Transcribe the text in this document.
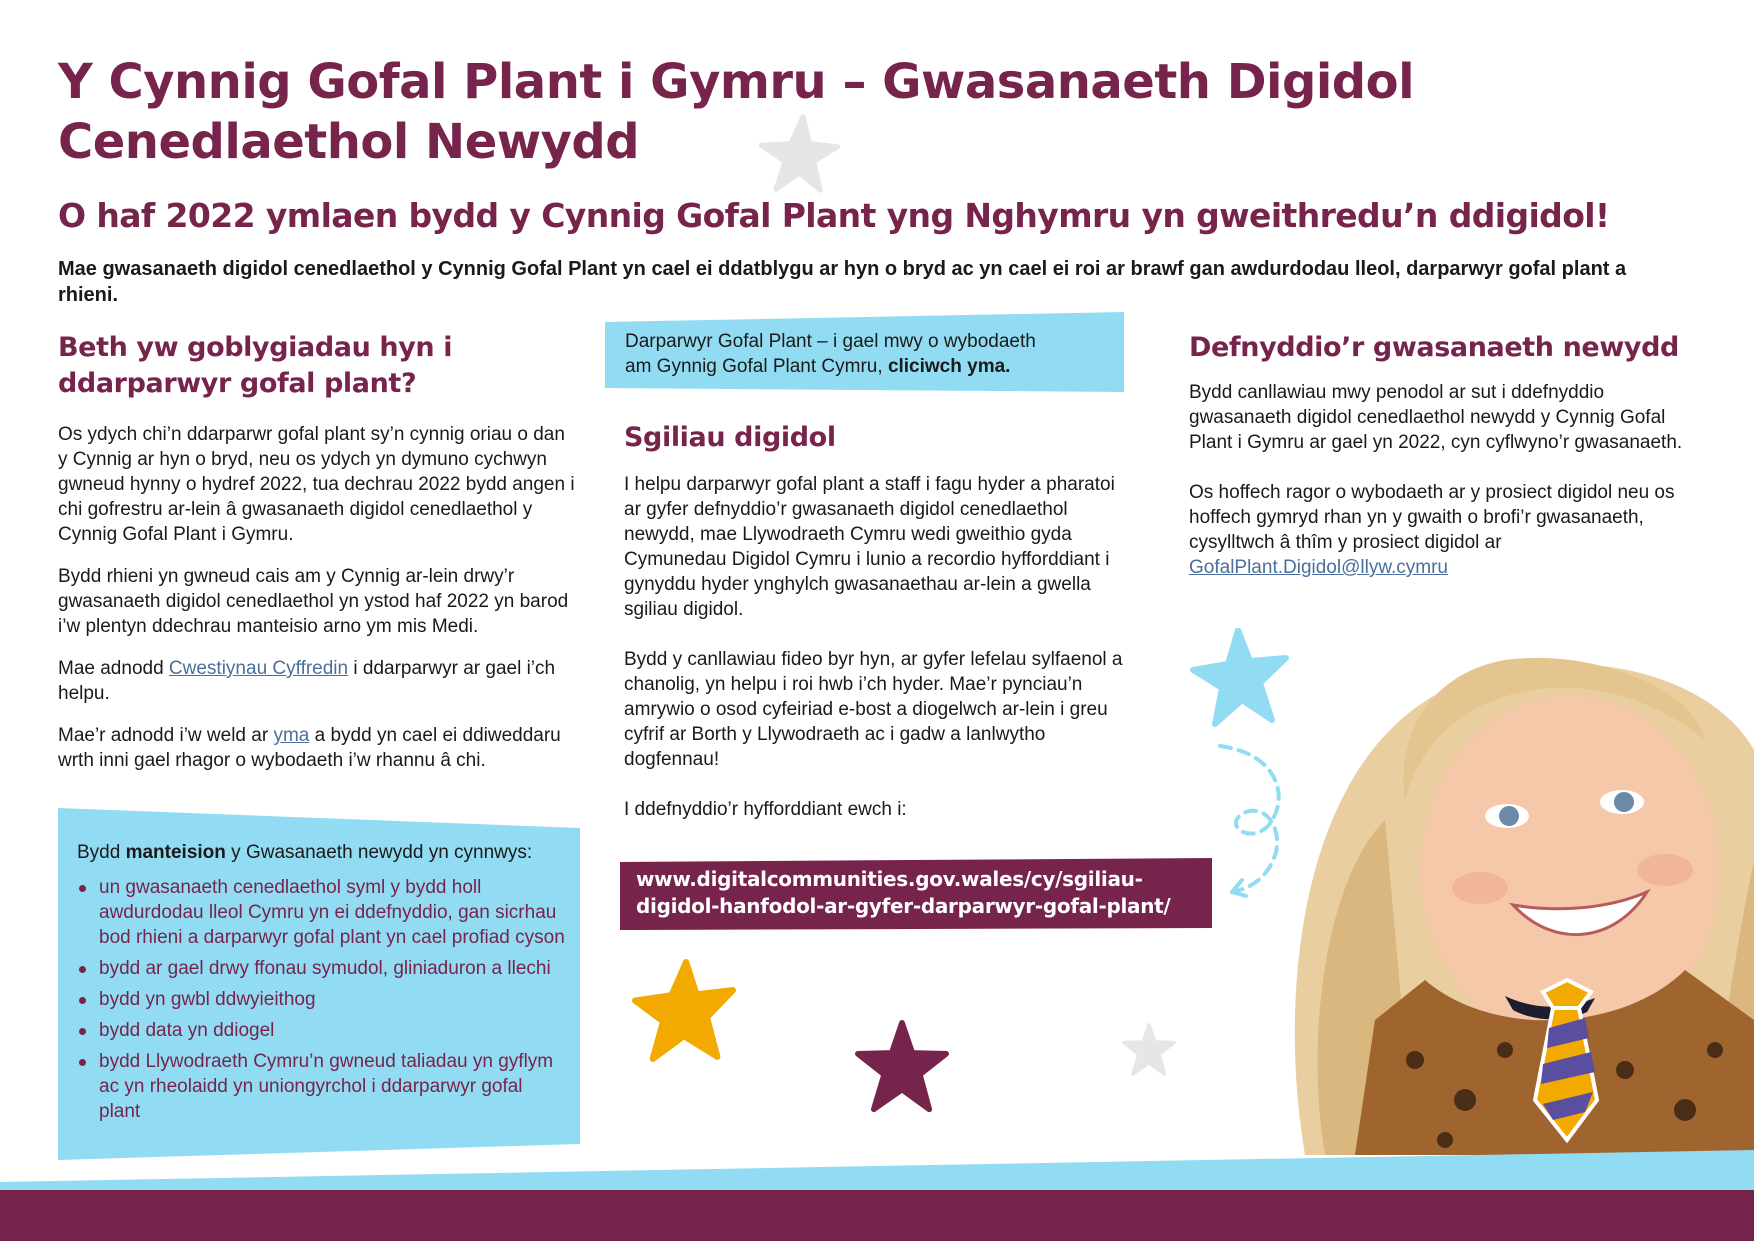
Y Cynnig Gofal Plant i Gymru – Gwasanaeth Digidol Cenedlaethol Newydd
O haf 2022 ymlaen bydd y Cynnig Gofal Plant yng Nghymru yn gweithredu’n ddigidol!

Mae gwasanaeth digidol cenedlaethol y Cynnig Gofal Plant yn cael ei ddatblygu ar hyn o bryd ac yn cael ei roi ar brawf gan awdurdodau lleol, darparwyr gofal plant a rhieni.

Beth yw goblygiadau hyn i ddarparwyr gofal plant?

Os ydych chi’n ddarparwr gofal plant sy’n cynnig oriau o dan y Cynnig ar hyn o bryd, neu os ydych yn dymuno cychwyn gwneud hynny o hydref 2022, tua dechrau 2022 bydd angen i chi gofrestru ar-lein â gwasanaeth digidol cenedlaethol y Cynnig Gofal Plant i Gymru.

Bydd rhieni yn gwneud cais am y Cynnig ar-lein drwy’r gwasanaeth digidol cenedlaethol yn ystod haf 2022 yn barod i’w plentyn ddechrau manteisio arno ym mis Medi.

Mae adnodd Cwestiynau Cyffredin i ddarparwyr ar gael i’ch helpu.

Mae’r adnodd i’w weld ar yma a bydd yn cael ei ddiweddaru wrth inni gael rhagor o wybodaeth i’w rhannu â chi.

Bydd manteision y Gwasanaeth newydd yn cynnwys:

un gwasanaeth cenedlaethol syml y bydd holl awdurdodau lleol Cymru yn ei ddefnyddio, gan sicrhau bod rhieni a darparwyr gofal plant yn cael profiad cyson
bydd ar gael drwy ffonau symudol, gliniaduron a llechi
bydd yn gwbl ddwyieithog
bydd data yn ddiogel
bydd Llywodraeth Cymru’n gwneud taliadau yn gyflym ac yn rheolaidd yn uniongyrchol i ddarparwyr gofal plant
Darparwyr Gofal Plant – i gael mwy o wybodaeth
am Gynnig Gofal Plant Cymru, cliciwch yma.
Sgiliau digidol

I helpu darparwyr gofal plant a staff i fagu hyder a pharatoi ar gyfer defnyddio’r gwasanaeth digidol cenedlaethol newydd, mae Llywodraeth Cymru wedi gweithio gyda Cymunedau Digidol Cymru i lunio a recordio hyfforddiant i gynyddu hyder ynghylch gwasanaethau ar-lein a gwella sgiliau digidol.

Bydd y canllawiau fideo byr hyn, ar gyfer lefelau sylfaenol a chanolig, yn helpu i roi hwb i’ch hyder. Mae’r pynciau’n amrywio o osod cyfeiriad e-bost a diogelwch ar-lein i greu cyfrif ar Borth y Llywodraeth ac i gadw a lanlwytho dogfennau!

I ddefnyddio’r hyfforddiant ewch i:

www.digitalcommunities.gov.wales/cy/sgiliau-digidol-hanfodol-ar-gyfer-darparwyr-gofal-plant/
Defnyddio’r gwasanaeth newydd

Bydd canllawiau mwy penodol ar sut i ddefnyddio gwasanaeth digidol cenedlaethol newydd y Cynnig Gofal Plant i Gymru ar gael yn 2022, cyn cyflwyno’r gwasanaeth.

Os hoffech ragor o wybodaeth ar y prosiect digidol neu os hoffech gymryd rhan yn y gwaith o brofi’r gwasanaeth, cysylltwch â thîm y prosiect digidol ar

GofalPlant.Digidol@llyw.cymru
